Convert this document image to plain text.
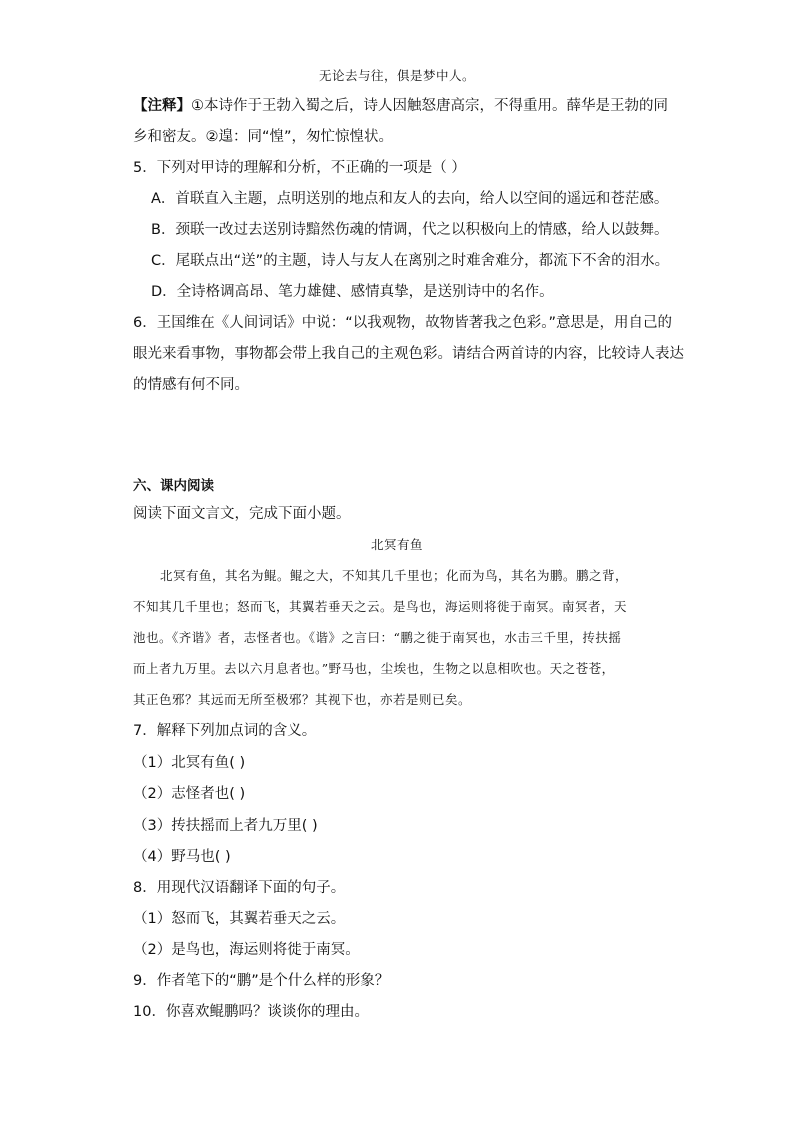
无论去与往，俱是梦中人。
【注释】①本诗作于王勃入蜀之后，诗人因触怒唐高宗，不得重用。薛华是王勃的同
乡和密友。②遑：同“惶”，匆忙惊惶状。
5．下列对甲诗的理解和分析，不正确的一项是（ ）
A．首联直入主题，点明送别的地点和友人的去向，给人以空间的遥远和苍茫感。
B．颈联一改过去送别诗黯然伤魂的情调，代之以积极向上的情感，给人以鼓舞。
C．尾联点出“送”的主题，诗人与友人在离别之时难舍难分，都流下不舍的泪水。
D．全诗格调高昂、笔力雄健、感情真挚，是送别诗中的名作。
6．王国维在《人间词话》中说：“以我观物，故物皆著我之色彩。”意思是，用自己的
眼光来看事物，事物都会带上我自己的主观色彩。请结合两首诗的内容，比较诗人表达
的情感有何不同。
六、课内阅读
阅读下面文言文，完成下面小题。
北冥有鱼
北冥有鱼，其名为鲲。鲲之大，不知其几千里也；化而为鸟，其名为鹏。鹏之背，
不知其几千里也；怒而飞，其翼若垂天之云。是鸟也，海运则将徙于南冥。南冥者，天
池也。《齐谐》者，志怪者也。《谐》之言曰：“鹏之徙于南冥也，水击三千里，抟扶摇
而上者九万里。去以六月息者也。”野马也，尘埃也，生物之以息相吹也。天之苍苍，
其正色邪？其远而无所至极邪？其视下也，亦若是则已矣。
7．解释下列加点词的含义。
（1）北冥有鱼( )
（2）志怪者也( )
（3）抟扶摇而上者九万里( )
（4）野马也( )
8．用现代汉语翻译下面的句子。
（1）怒而飞，其翼若垂天之云。
（2）是鸟也，海运则将徙于南冥。
9．作者笔下的“鹏”是个什么样的形象？
10．你喜欢鲲鹏吗？谈谈你的理由。
